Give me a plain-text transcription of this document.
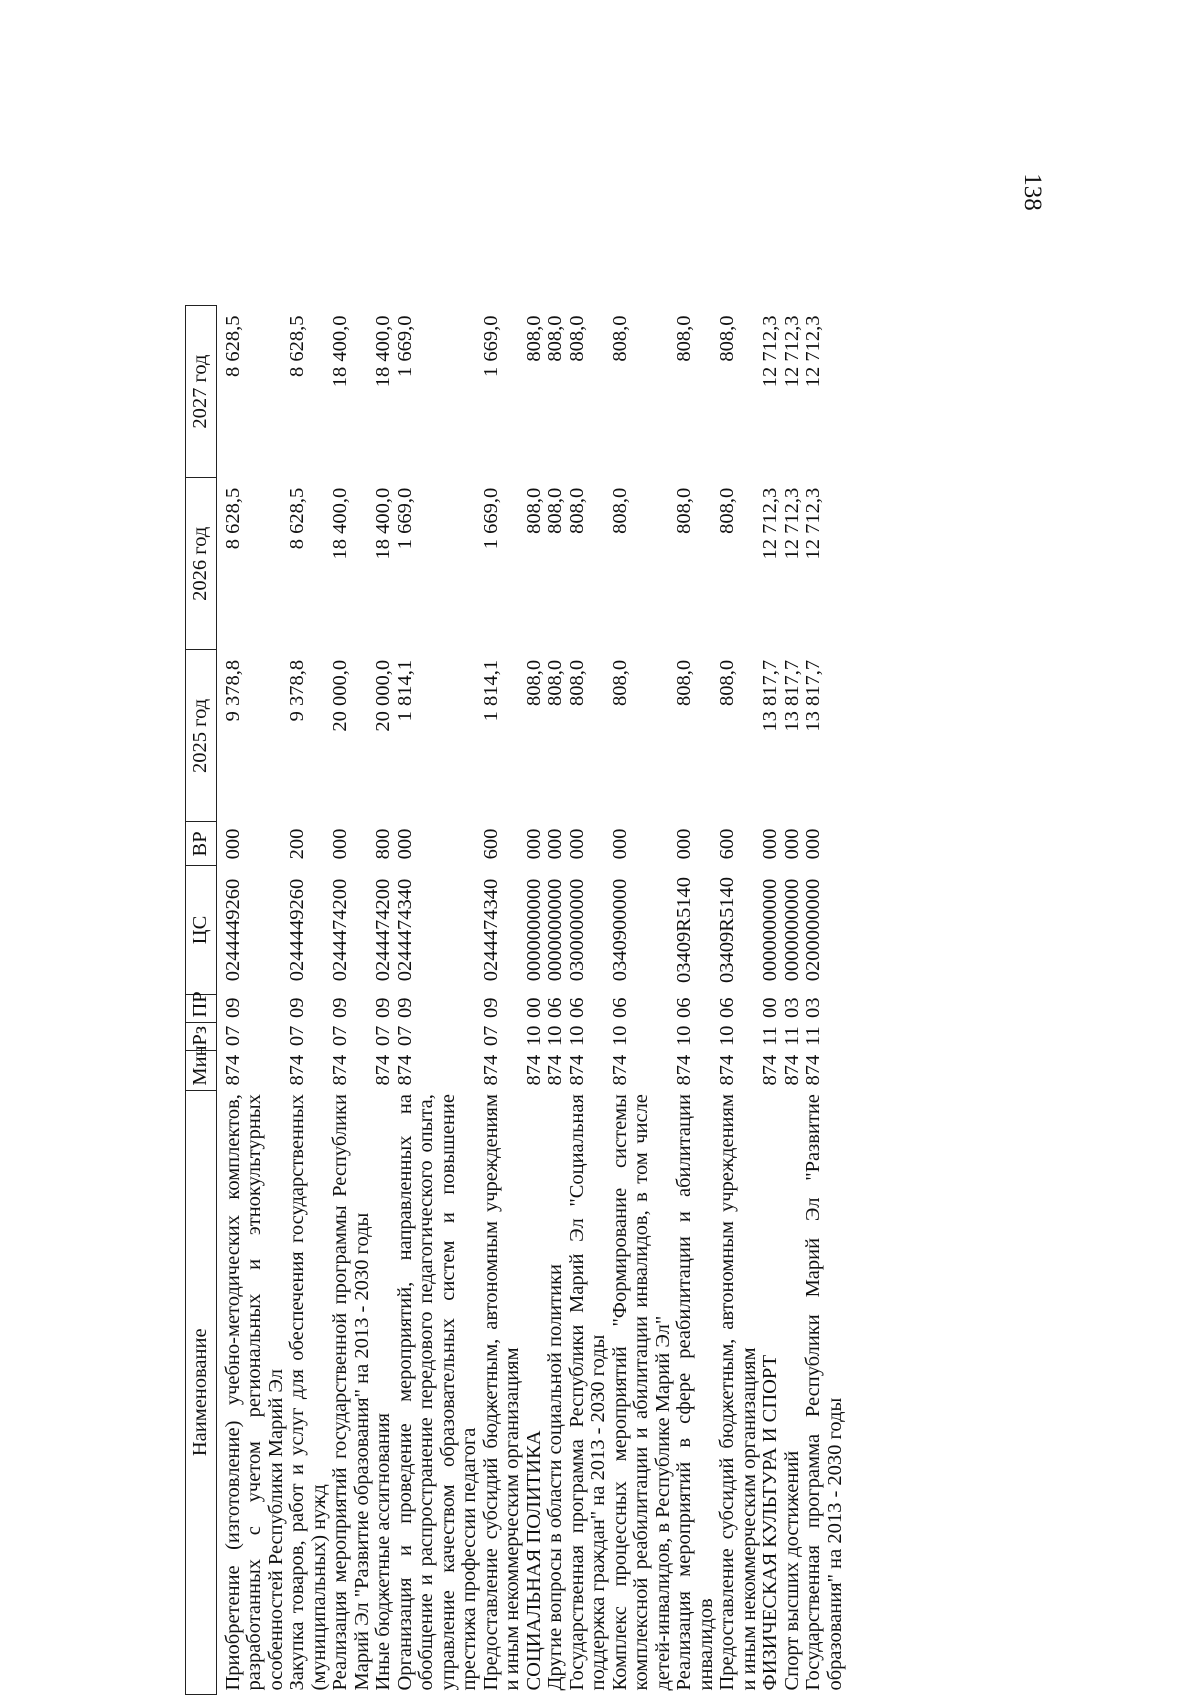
138
Наименование	Мин	Рз	ПР	ЦС	ВР	2025 год	2026 год	2027 год
Приобретение (изготовление) учебно-методических комплектов, разработанных с учетом региональных и этнокультурных особенностей Республики Марий Эл	874	07	09	0244449260	000	9 378,8	8 628,5	8 628,5
Закупка товаров, работ и услуг для обеспечения государственных (муниципальных) нужд	874	07	09	0244449260	200	9 378,8	8 628,5	8 628,5
Реализация мероприятий государственной программы Республики Марий Эл "Развитие образования" на 2013 - 2030 годы	874	07	09	0244474200	000	20 000,0	18 400,0	18 400,0
Иные бюджетные ассигнования	874	07	09	0244474200	800	20 000,0	18 400,0	18 400,0
Организация и проведение мероприятий, направленных на обобщение и распространение передового педагогического опыта, управление качеством образовательных систем и повышение престижа профессии педагога	874	07	09	0244474340	000	1 814,1	1 669,0	1 669,0
Предоставление субсидий бюджетным, автономным учреждениям и иным некоммерческим организациям	874	07	09	0244474340	600	1 814,1	1 669,0	1 669,0
СОЦИАЛЬНАЯ ПОЛИТИКА	874	10	00	0000000000	000	808,0	808,0	808,0
Другие вопросы в области социальной политики	874	10	06	0000000000	000	808,0	808,0	808,0
Государственная программа Республики Марий Эл "Социальная поддержка граждан" на 2013 - 2030 годы	874	10	06	0300000000	000	808,0	808,0	808,0
Комплекс процессных мероприятий "Формирование системы комплексной реабилитации и абилитации инвалидов, в том числе детей-инвалидов, в Республике Марий Эл"	874	10	06	0340900000	000	808,0	808,0	808,0
Реализация мероприятий в сфере реабилитации и абилитации инвалидов	874	10	06	03409R5140	000	808,0	808,0	808,0
Предоставление субсидий бюджетным, автономным учреждениям и иным некоммерческим организациям	874	10	06	03409R5140	600	808,0	808,0	808,0
ФИЗИЧЕСКАЯ КУЛЬТУРА И СПОРТ	874	11	00	0000000000	000	13 817,7	12 712,3	12 712,3
Спорт высших достижений	874	11	03	0000000000	000	13 817,7	12 712,3	12 712,3
Государственная программа Республики Марий Эл "Развитие образования" на 2013 - 2030 годы	874	11	03	0200000000	000	13 817,7	12 712,3	12 712,3
